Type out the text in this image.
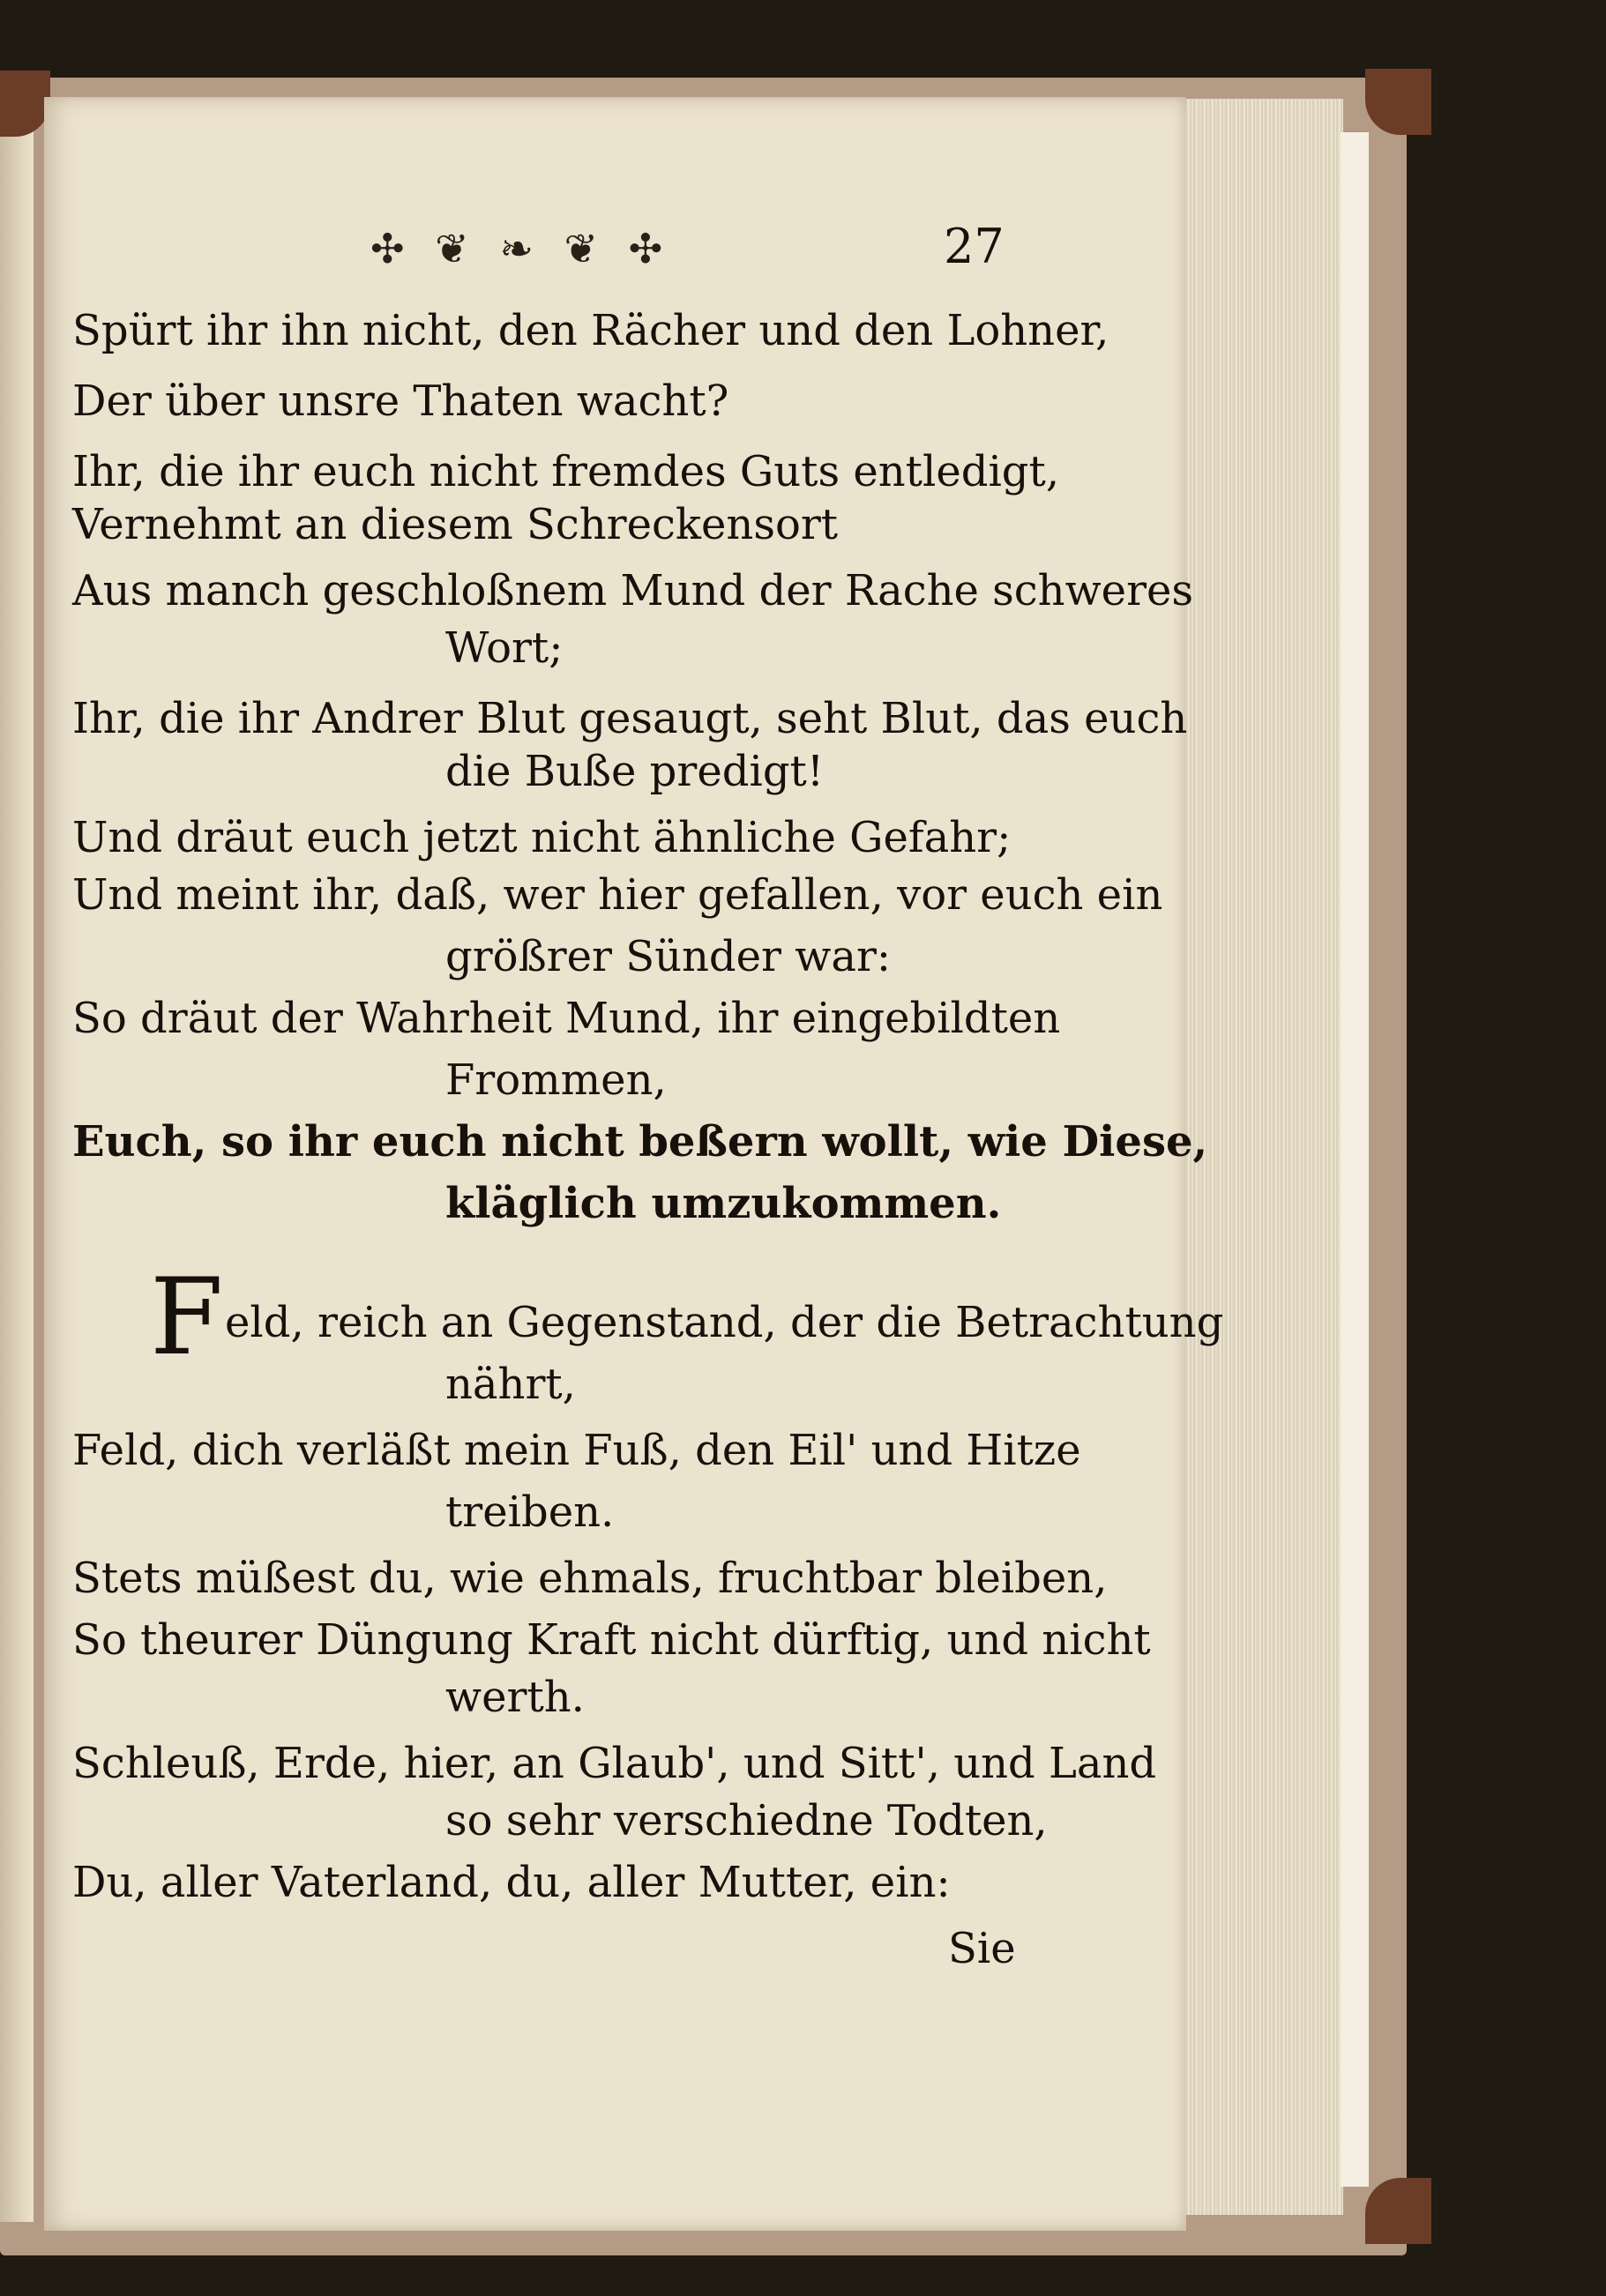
✣ ❦ ❧ ❦ ✣	27
Spürt ihr ihn nicht, den Rächer und den Lohner,
Der über unsre Thaten wacht?
Ihr, die ihr euch nicht fremdes Guts entledigt,
Vernehmt an diesem Schreckensort
Aus manch geschloßnem Mund der Rache schweres
Wort;
Ihr, die ihr Andrer Blut gesaugt, seht Blut, das euch
die Buße predigt!
Und dräut euch jetzt nicht ähnliche Gefahr;
Und meint ihr, daß, wer hier gefallen, vor euch ein
größrer Sünder war:
So dräut der Wahrheit Mund, ihr eingebildten
Frommen,
Euch, so ihr euch nicht beßern wollt, wie Diese,
kläglich umzukommen.
F eld, reich an Gegenstand, der die Betrachtung
nährt,
Feld, dich verläßt mein Fuß, den Eil' und Hitze
treiben.
Stets müßest du, wie ehmals, fruchtbar bleiben,
So theurer Düngung Kraft nicht dürftig, und nicht
werth.
Schleuß, Erde, hier, an Glaub', und Sitt', und Land
so sehr verschiedne Todten,
Du, aller Vaterland, du, aller Mutter, ein:
Sie
